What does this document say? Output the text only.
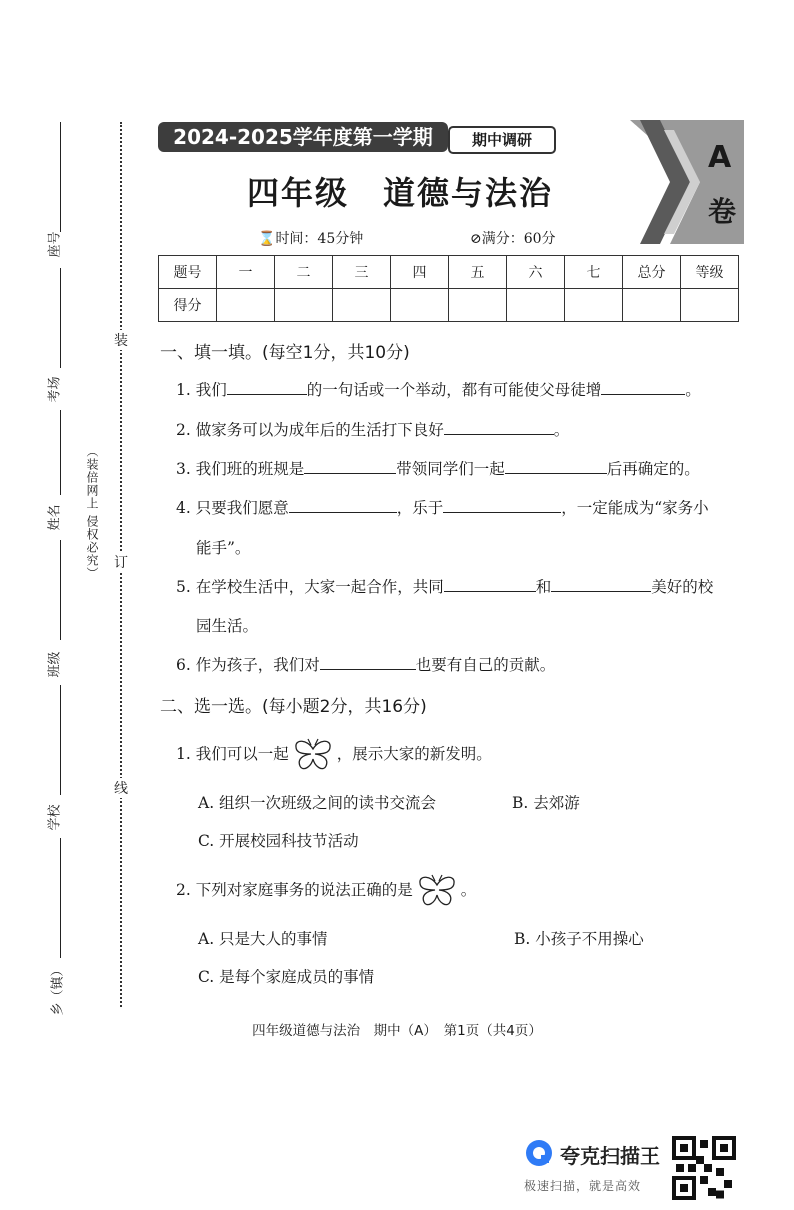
座号
考场
姓名
班级
学校
乡（镇）
（装倍网上 侵权必究）
装
订
线
2024-2025学年度第一学期	期中调研
四年级　道德与法治
A
卷
⌛时间：45分钟	⊘满分：60分
题号	一	二	三	四	五	六	七	总分	等级
得分									
一、填一填。(每空1分，共10分)
1. 我们	的一句话或一个举动，都有可能使父母徒增	。
2. 做家务可以为成年后的生活打下良好	。
3. 我们班的班规是	带领同学们一起	后再确定的。
4. 只要我们愿意	，乐于	，一定能成为“家务小
能手”。
5. 在学校生活中，大家一起合作，共同	和	美好的校
园生活。
6. 作为孩子，我们对	也要有自己的贡献。
二、选一选。(每小题2分，共16分)
1. 我们可以一起	，展示大家的新发明。
A. 组织一次班级之间的读书交流会	B. 去郊游
C. 开展校园科技节活动
2. 下列对家庭事务的说法正确的是	。
A. 只是大人的事情	B. 小孩子不用操心
C. 是每个家庭成员的事情
四年级道德与法治　期中（A）　第1页（共4页）
夸克扫描王
极速扫描，就是高效
